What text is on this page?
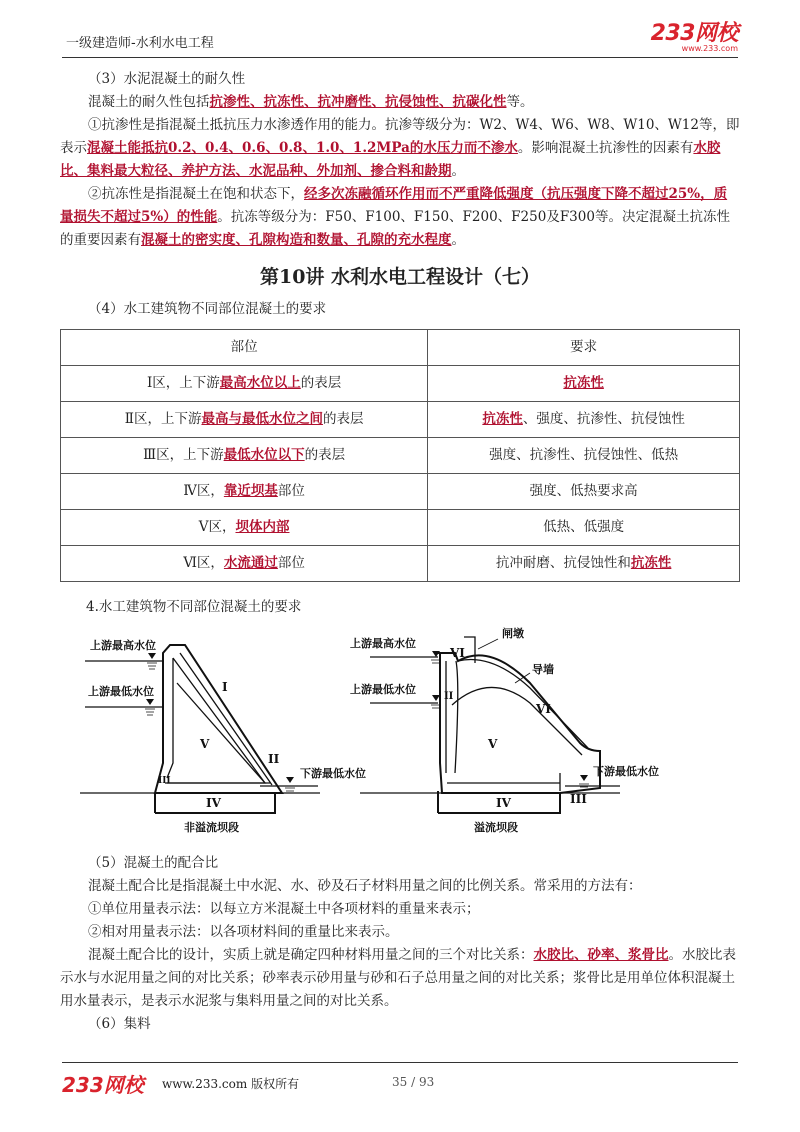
一级建造师-水利水电工程	233网校
www.233.com

（3）水泥混凝土的耐久性

混凝土的耐久性包括抗渗性、抗冻性、抗冲磨性、抗侵蚀性、抗碳化性等。

①抗渗性是指混凝土抵抗压力水渗透作用的能力。抗渗等级分为：W2、W4、W6、W8、W10、W12等，即表示混凝土能抵抗0.2、0.4、0.6、0.8、1.0、1.2MPa的水压力而不渗水。影响混凝土抗渗性的因素有水胶比、集料最大粒径、养护方法、水泥品种、外加剂、掺合料和龄期。

②抗冻性是指混凝土在饱和状态下，经多次冻融循环作用而不严重降低强度（抗压强度下降不超过25%，质量损失不超过5%）的性能。抗冻等级分为：F50、F100、F150、F200、F250及F300等。决定混凝土抗冻性的重要因素有混凝土的密实度、孔隙构造和数量、孔隙的充水程度。

第10讲 水利水电工程设计（七）

（4）水工建筑物不同部位混凝土的要求

部位	要求
Ⅰ区，上下游最高水位以上的表层	抗冻性
Ⅱ区，上下游最高与最低水位之间的表层	抗冻性、强度、抗渗性、抗侵蚀性
Ⅲ区，上下游最低水位以下的表层	强度、抗渗性、抗侵蚀性、低热
Ⅳ区，靠近坝基部位	强度、低热要求高
Ⅴ区，坝体内部	低热、低强度
Ⅵ区，水流通过部位	抗冲耐磨、抗侵蚀性和抗冻性

4.水工建筑物不同部位混凝土的要求

上游最高水位
上游最低水位
下游最低水位
非溢流坝段
I
II
III
IV
V
上游最高水位
上游最低水位
下游最低水位
闸墩
导墙
溢流坝段
VI
VI
II
III
IV
V

（5）混凝土的配合比

混凝土配合比是指混凝土中水泥、水、砂及石子材料用量之间的比例关系。常采用的方法有：

①单位用量表示法：以每立方米混凝土中各项材料的重量来表示；

②相对用量表示法：以各项材料间的重量比来表示。

混凝土配合比的设计，实质上就是确定四种材料用量之间的三个对比关系：水胶比、砂率、浆骨比。水胶比表示水与水泥用量之间的对比关系；砂率表示砂用量与砂和石子总用量之间的对比关系；浆骨比是用单位体积混凝土用水量表示，是表示水泥浆与集料用量之间的对比关系。

（6）集料

233网校 www.233.com 版权所有	35 / 93
